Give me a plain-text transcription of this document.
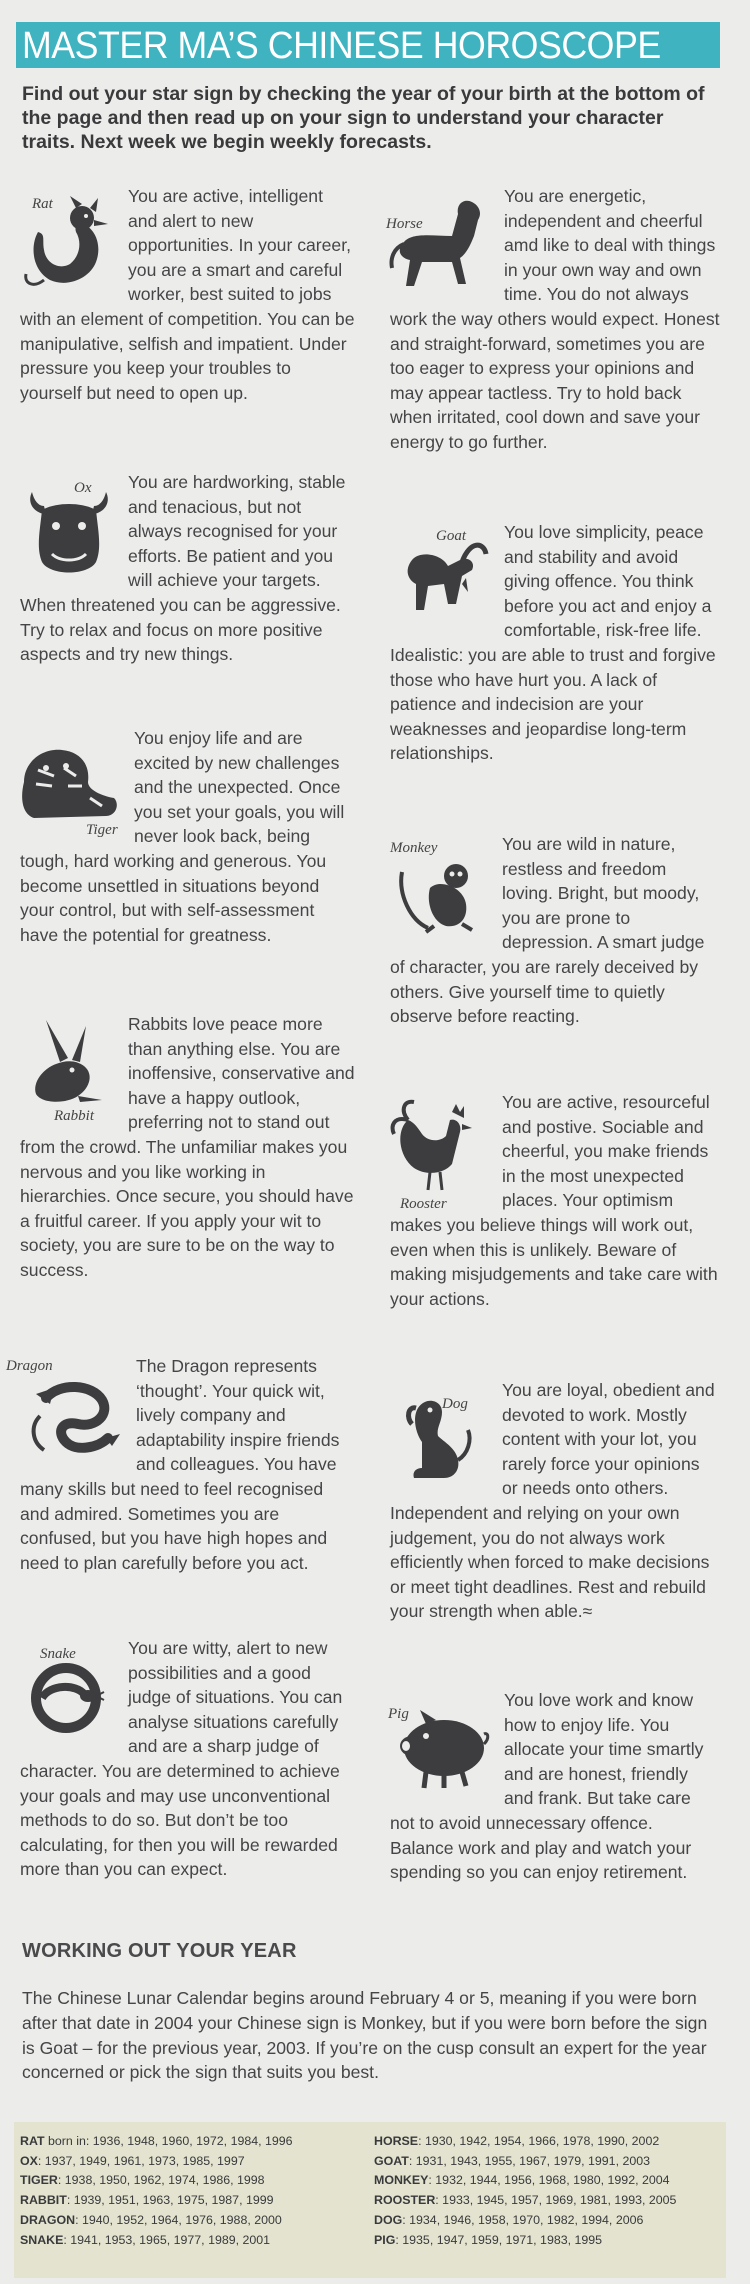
MASTER MA’S CHINESE HOROSCOPE
Find out your star sign by checking the year of your birth at the bottom of the page and then read up on your sign to understand your character traits. Next week we begin weekly forecasts.
Rat	You are active, intelligent and alert to new opportunities. In your career, you are a smart and careful worker, best suited to jobs with an element of competition. You can be manipulative, selfish and impatient. Under pressure you keep your troubles to yourself but need to open up.

Ox	You are hardworking, stable and tenacious, but not always recognised for your efforts. Be patient and you will achieve your targets. When threatened you can be aggressive. Try to relax and focus on more positive aspects and try new things.

Tiger

You enjoy life and are excited by new challenges and the unexpected. Once you set your goals, you will never look back, being tough, hard working and generous. You become unsettled in situations beyond your control, but with self-assessment have the potential for greatness.

Rabbit

Rabbits love peace more than anything else. You are inoffensive, conservative and have a happy outlook, preferring not to stand out from the crowd. The unfamiliar makes you nervous and you like working in hierarchies. Once secure, you should have a fruitful career. If you apply your wit to society, you are sure to be on the way to success.

Dragon	The Dragon represents ‘thought’. Your quick wit, lively company and adaptability inspire friends and colleagues. You have many skills but need to feel recognised and admired. Sometimes you are confused, but you have high hopes and need to plan carefully before you act.

Snake	You are witty, alert to new possibilities and a good judge of situations. You can analyse situations carefully and are a sharp judge of character. You are determined to achieve your goals and may use unconventional methods to do so. But don’t be too calculating, for then you will be rewarded more than you can expect.

Horse

You are energetic, independent and cheerful amd like to deal with things in your own way and own time. You do not always work the way others would expect. Honest and straight-forward, sometimes you are too eager to express your opinions and may appear tactless. Try to hold back when irritated, cool down and save your energy to go further.

Goat	You love simplicity, peace and stability and avoid giving offence. You think before you act and enjoy a comfortable, risk-free life. Idealistic: you are able to trust and forgive those who have hurt you. A lack of patience and indecision are your weaknesses and jeopardise long-term relationships.

Monkey	You are wild in nature, restless and freedom loving. Bright, but moody, you are prone to depression. A smart judge of character, you are rarely deceived by others. Give yourself time to quietly observe before reacting.

Rooster

You are active, resourceful and postive. Sociable and cheerful, you make friends in the most unexpected places. Your optimism makes you believe things will work out, even when this is unlikely. Beware of making misjudgements and take care with your actions.

Dog

You are loyal, obedient and devoted to work. Mostly content with your lot, you rarely force your opinions or needs onto others. Independent and relying on your own judgement, you do not always work efficiently when forced to make decisions or meet tight deadlines. Rest and rebuild your strength when able.≈

Pig

You love work and know how to enjoy life. You allocate your time smartly and are honest, friendly and frank. But take care not to avoid unnecessary offence. Balance work and play and watch your spending so you can enjoy retirement.

WORKING OUT YOUR YEAR
The Chinese Lunar Calendar begins around February 4 or 5, meaning if you were born after that date in 2004 your Chinese sign is Monkey, but if you were born before the sign is Goat – for the previous year, 2003. If you’re on the cusp consult an expert for the year concerned or pick the sign that suits you best.
RAT born in: 1936, 1948, 1960, 1972, 1984, 1996
OX: 1937, 1949, 1961, 1973, 1985, 1997
TIGER: 1938, 1950, 1962, 1974, 1986, 1998
RABBIT: 1939, 1951, 1963, 1975, 1987, 1999
DRAGON: 1940, 1952, 1964, 1976, 1988, 2000
SNAKE: 1941, 1953, 1965, 1977, 1989, 2001
HORSE: 1930, 1942, 1954, 1966, 1978, 1990, 2002
GOAT: 1931, 1943, 1955, 1967, 1979, 1991, 2003
MONKEY: 1932, 1944, 1956, 1968, 1980, 1992, 2004
ROOSTER: 1933, 1945, 1957, 1969, 1981, 1993, 2005
DOG: 1934, 1946, 1958, 1970, 1982, 1994, 2006
PIG: 1935, 1947, 1959, 1971, 1983, 1995
